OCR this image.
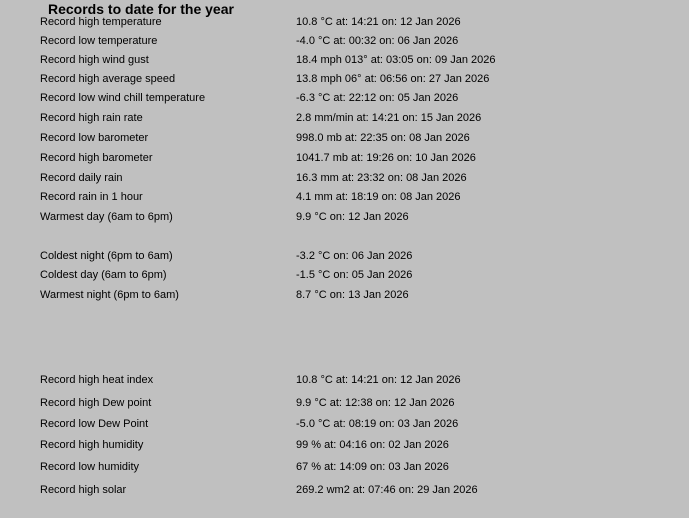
Records to date for the year
Record high temperature	10.8 °C at: 14:21 on: 12 Jan 2026
Record low temperature	-4.0 °C at: 00:32 on: 06 Jan 2026
Record high wind gust	18.4 mph 013° at: 03:05 on: 09 Jan 2026
Record high average speed	13.8 mph 06° at: 06:56 on: 27 Jan 2026
Record low wind chill temperature	-6.3 °C at: 22:12 on: 05 Jan 2026
Record high rain rate	2.8 mm/min at: 14:21 on: 15 Jan 2026
Record low barometer	998.0 mb at: 22:35 on: 08 Jan 2026
Record high barometer	1041.7 mb at: 19:26 on: 10 Jan 2026
Record daily rain	16.3 mm at: 23:32 on: 08 Jan 2026
Record rain in 1 hour	4.1 mm at: 18:19 on: 08 Jan 2026
Warmest day (6am to 6pm)	9.9 °C on: 12 Jan 2026
Coldest night (6pm to 6am)	-3.2 °C on: 06 Jan 2026
Coldest day (6am to 6pm)	-1.5 °C on: 05 Jan 2026
Warmest night (6pm to 6am)	8.7 °C on: 13 Jan 2026
Record high heat index	10.8 °C at: 14:21 on: 12 Jan 2026
Record high Dew point	9.9 °C at: 12:38 on: 12 Jan 2026
Record low Dew Point	-5.0 °C at: 08:19 on: 03 Jan 2026
Record high humidity	99 % at: 04:16 on: 02 Jan 2026
Record low humidity	67 % at: 14:09 on: 03 Jan 2026
Record high solar	269.2 wm2 at: 07:46 on: 29 Jan 2026
